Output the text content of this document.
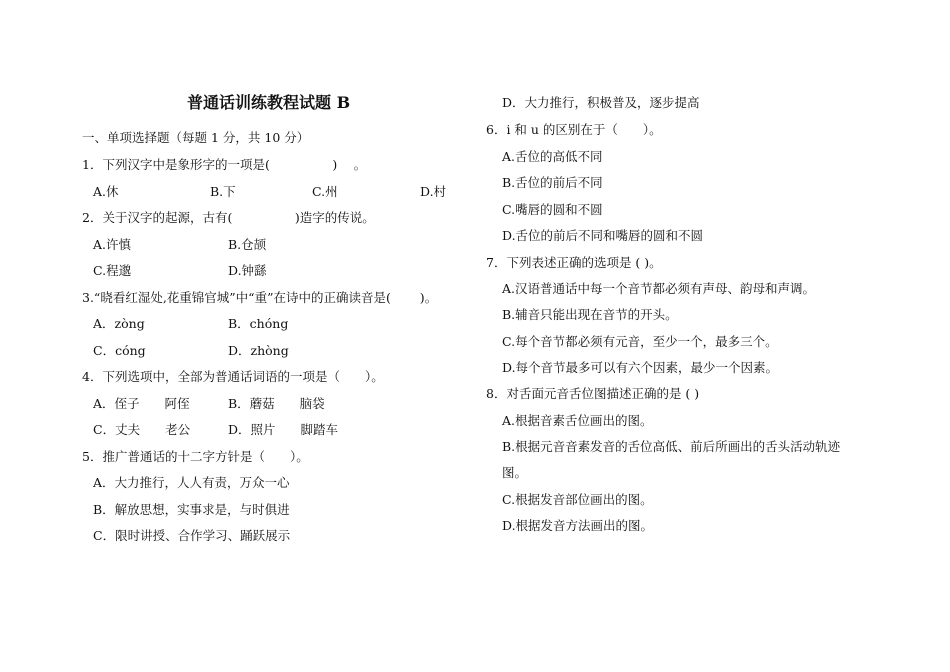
普通话训练教程试题 B
一、单项选择题（每题 1 分，共 10 分）
1．下列汉字中是象形字的一项是(　　　　　)　 。
A.休	B.下	C.州	D.村
2．关于汉字的起源，古有(　　　　　)造字的传说。
A.许慎	B.仓颉
C.程邈	D.钟繇
3.“晓看红湿处,花重锦官城”中“重”在诗中的正确读音是(　　 )。
A．zòng	B．chóng
C．cóng	D．zhòng
4．下列选项中，全部为普通话词语的一项是（　　）。
A．侄子　　阿侄	B．蘑菇　　脑袋
C．丈夫　　老公	D．照片　　脚踏车
5．推广普通话的十二字方针是（　　）。
A．大力推行，人人有责，万众一心
B．解放思想，实事求是，与时俱进
C．限时讲授、合作学习、踊跃展示
D．大力推行，积极普及，逐步提高
6．i 和 u 的区别在于（　　）。
A.舌位的高低不同
B.舌位的前后不同
C.嘴唇的圆和不圆
D.舌位的前后不同和嘴唇的圆和不圆
7．下列表述正确的选项是 ( )。
A.汉语普通话中每一个音节都必须有声母、韵母和声调。
B.辅音只能出现在音节的开头。
C.每个音节都必须有元音，至少一个，最多三个。
D.每个音节最多可以有六个因素，最少一个因素。
8．对舌面元音舌位图描述正确的是 ( )
A.根据音素舌位画出的图。
B.根据元音音素发音的舌位高低、前后所画出的舌头活动轨迹
图。
C.根据发音部位画出的图。
D.根据发音方法画出的图。
